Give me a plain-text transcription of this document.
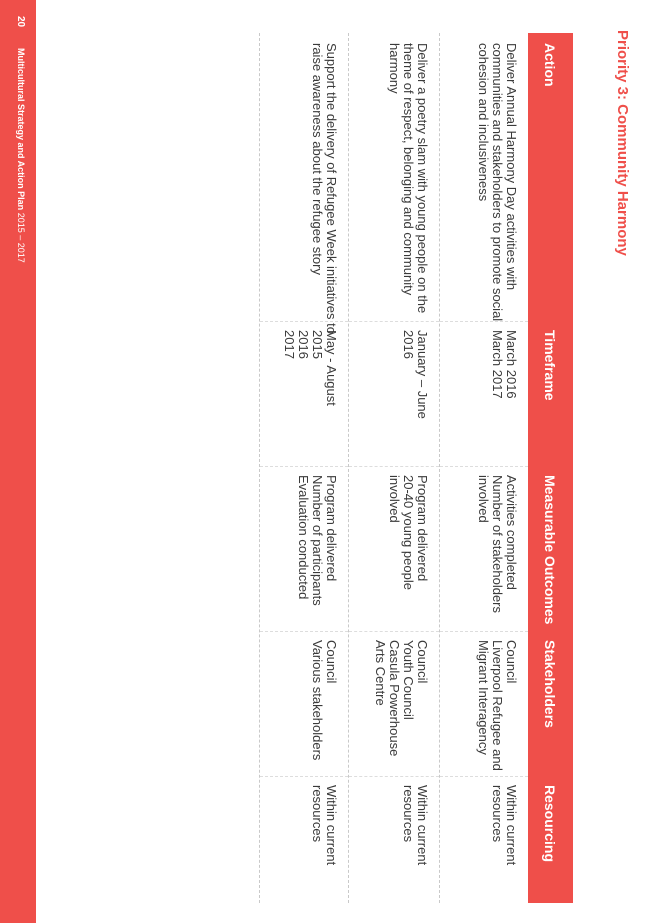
Priority 3: Community Harmony
Action
Timeframe
Measurable Outcomes
Stakeholders
Resourcing
Deliver Annual Harmony Day activities with
communities and stakeholders to promote social
cohesion and inclusiveness
March 2016
March 2017
Activities completed
Number of stakeholders
involved
Council
Liverpool Refugee and
Migrant Interagency
Within current
resources
Deliver a poetry slam with young people on the
theme of respect, belonging and community
harmony
January – June
2016
Program delivered
20-40 young people
involved
Council
Youth Council
Casula Powerhouse
Arts Centre
Within current
resources
Support the delivery of Refugee Week initiatives to
raise awareness about the refugee story
May - August
2015
2016
2017
Program delivered
Number of participants
Evaluation conducted
Council
Various stakeholders
Within current
resources
20
Multicultural Strategy and Action Plan 2015 – 2017
